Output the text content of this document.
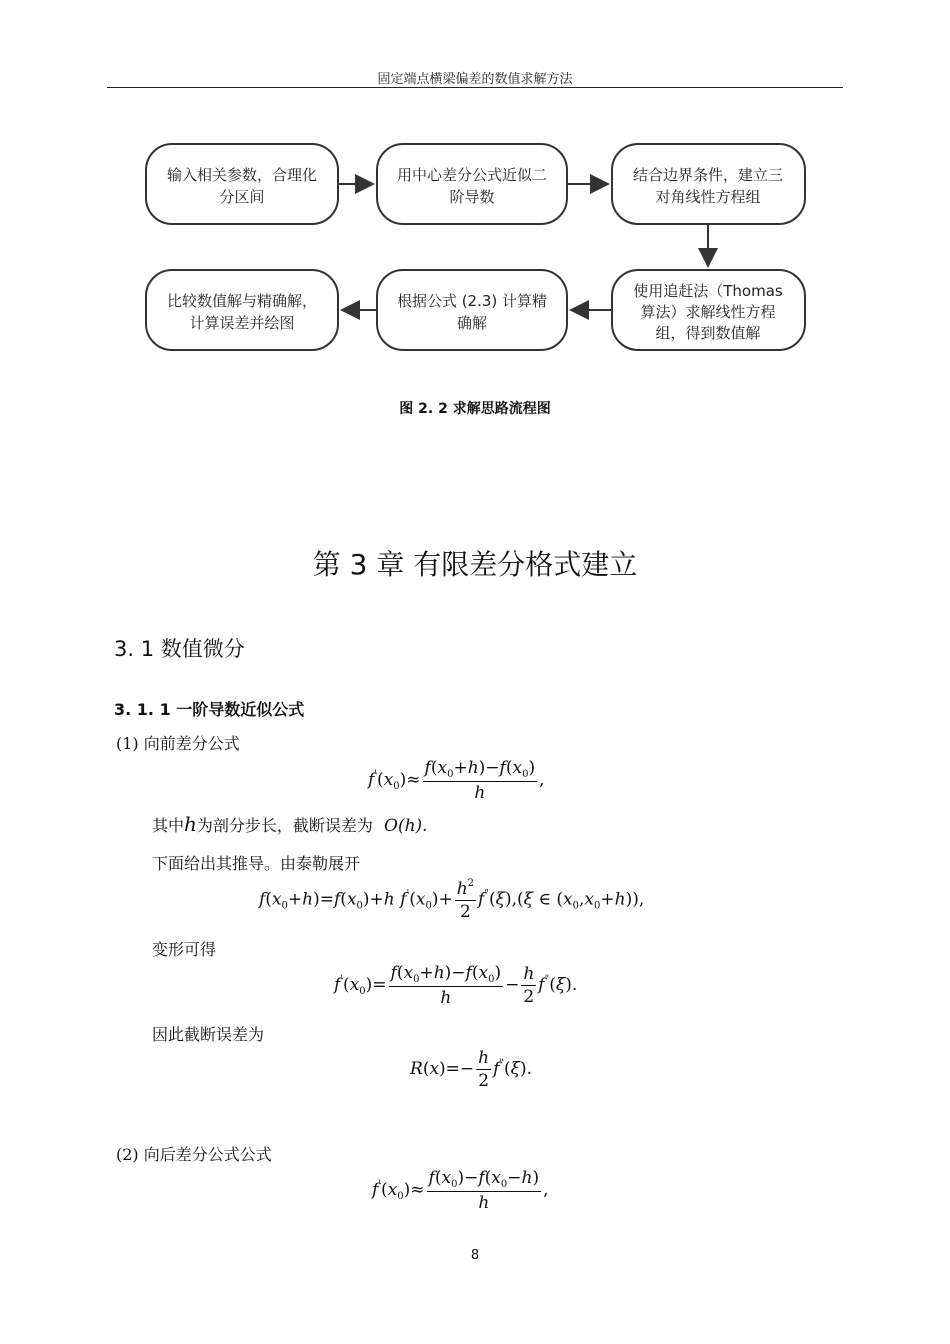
固定端点横梁偏差的数值求解方法
输入相关参数，合理化
分区间
用中心差分公式近似二
阶导数
结合边界条件，建立三
对角线性方程组
使用追赶法（Thomas
算法）求解线性方程
组，得到数值解
根据公式 (2.3) 计算精
确解
比较数值解与精确解，
计算误差并绘图
图 2. 2 求解思路流程图
第 3 章 有限差分格式建立
3. 1 数值微分
3. 1. 1 一阶导数近似公式
(1) 向前差分公式
$f'(x_0)\approx \frac{f(x_0+h)-f(x_0)}{h}$ ,
其中h为剖分步长，截断误差为 O(h).
下面给出其推导。由泰勒展开
$f(x_0+h)=f(x_0)+h$ $f'(x_0)+ \frac{h^2}{2} f^"(\xi),(\xi$ ∈ $(x_0,x_0+h)$),
变形可得
$f'(x_0)= \frac{f(x_0+h)-f(x_0)}{h} - \frac{h}{2} f^"(\xi)$.
因此截断误差为
$R(x)=- \frac{h}{2} f^"(\xi)$.
(2) 向后差分公式公式
$f'(x_0)\approx \frac{f(x_0)-f(x_0-h)}{h}$ ,
8
